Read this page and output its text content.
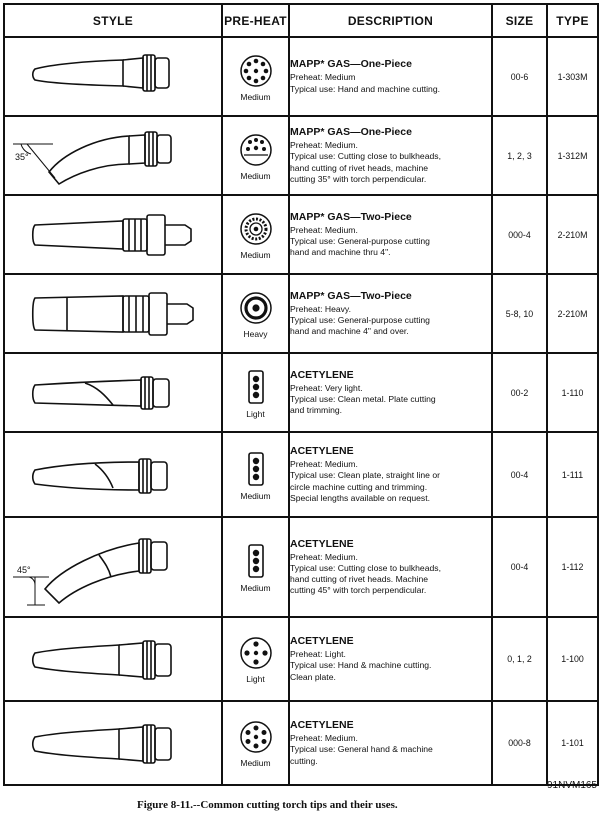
STYLE	PRE-HEAT	DESCRIPTION	SIZE	TYPE

Medium	MAPP* GAS—One-Piece
Preheat: Medium
Typical use: Hand and machine cutting.	00-6	1-303M

35°	Medium	MAPP* GAS—One-Piece
Preheat: Medium.
Typical use: Cutting close to bulkheads,
hand cutting of rivet heads, machine
cutting 35° with torch perpendicular.	1, 2, 3	1-312M

Medium	MAPP* GAS—Two-Piece
Preheat: Medium.
Typical use: General-purpose cutting
hand and machine thru 4".	000-4	2-210M

Heavy	MAPP* GAS—Two-Piece
Preheat: Heavy.
Typical use: General-purpose cutting
hand and machine 4" and over.	5-8, 10	2-210M

Light	ACETYLENE
Preheat: Very light.
Typical use: Clean metal. Plate cutting
and trimming.	00-2	1-110

Medium	ACETYLENE
Preheat: Medium.
Typical use: Clean plate, straight line or
circle machine cutting and trimming.
Special lengths available on request.	00-4	1-111

45°	Medium	ACETYLENE
Preheat: Medium.
Typical use: Cutting close to bulkheads,
hand cutting of rivet heads. Machine
cutting 45° with torch perpendicular.	00-4	1-112

Light	ACETYLENE
Preheat: Light.
Typical use: Hand & machine cutting.
Clean plate.	0, 1, 2	1-100

Medium	ACETYLENE
Preheat: Medium.
Typical use: General hand & machine
cutting.	000-8	1-101
91NVM165
Figure 8-11.--Common cutting torch tips and their uses.
